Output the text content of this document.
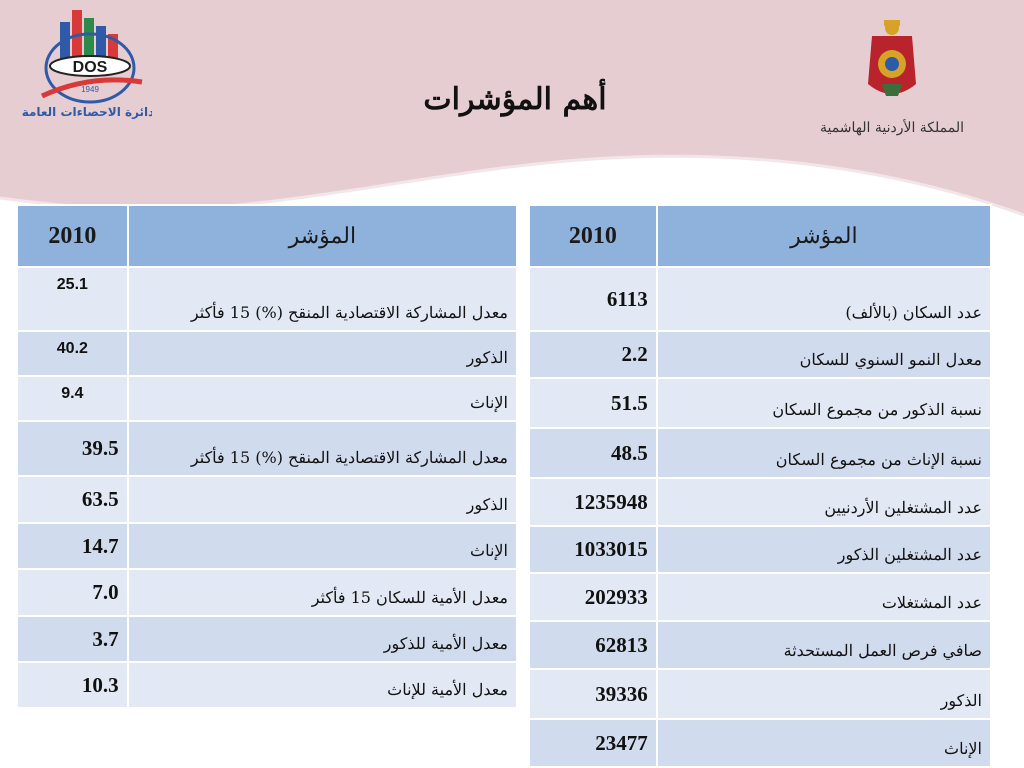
DOS
1949
دائرة الاحصاءات العامة
المملكة الأردنية الهاشمية
أهم المؤشرات
2010	المؤشر
25.1	معدل المشاركة الاقتصادية المنقح (%) 15 فأكثر
40.2	الذكور
9.4	الإناث
39.5	معدل المشاركة الاقتصادية المنقح (%) 15 فأكثر
63.5	الذكور
14.7	الإناث
7.0	معدل الأمية للسكان 15 فأكثر
3.7	معدل الأمية للذكور
10.3	معدل الأمية للإناث
2010	المؤشر
6113	عدد السكان (بالألف)
2.2	معدل النمو السنوي للسكان
51.5	نسبة الذكور من مجموع السكان
48.5	نسبة الإناث من مجموع السكان
1235948	عدد المشتغلين الأردنيين
1033015	عدد المشتغلين الذكور
202933	عدد المشتغلات
62813	صافي فرص العمل المستحدثة
39336	الذكور
23477	الإناث
